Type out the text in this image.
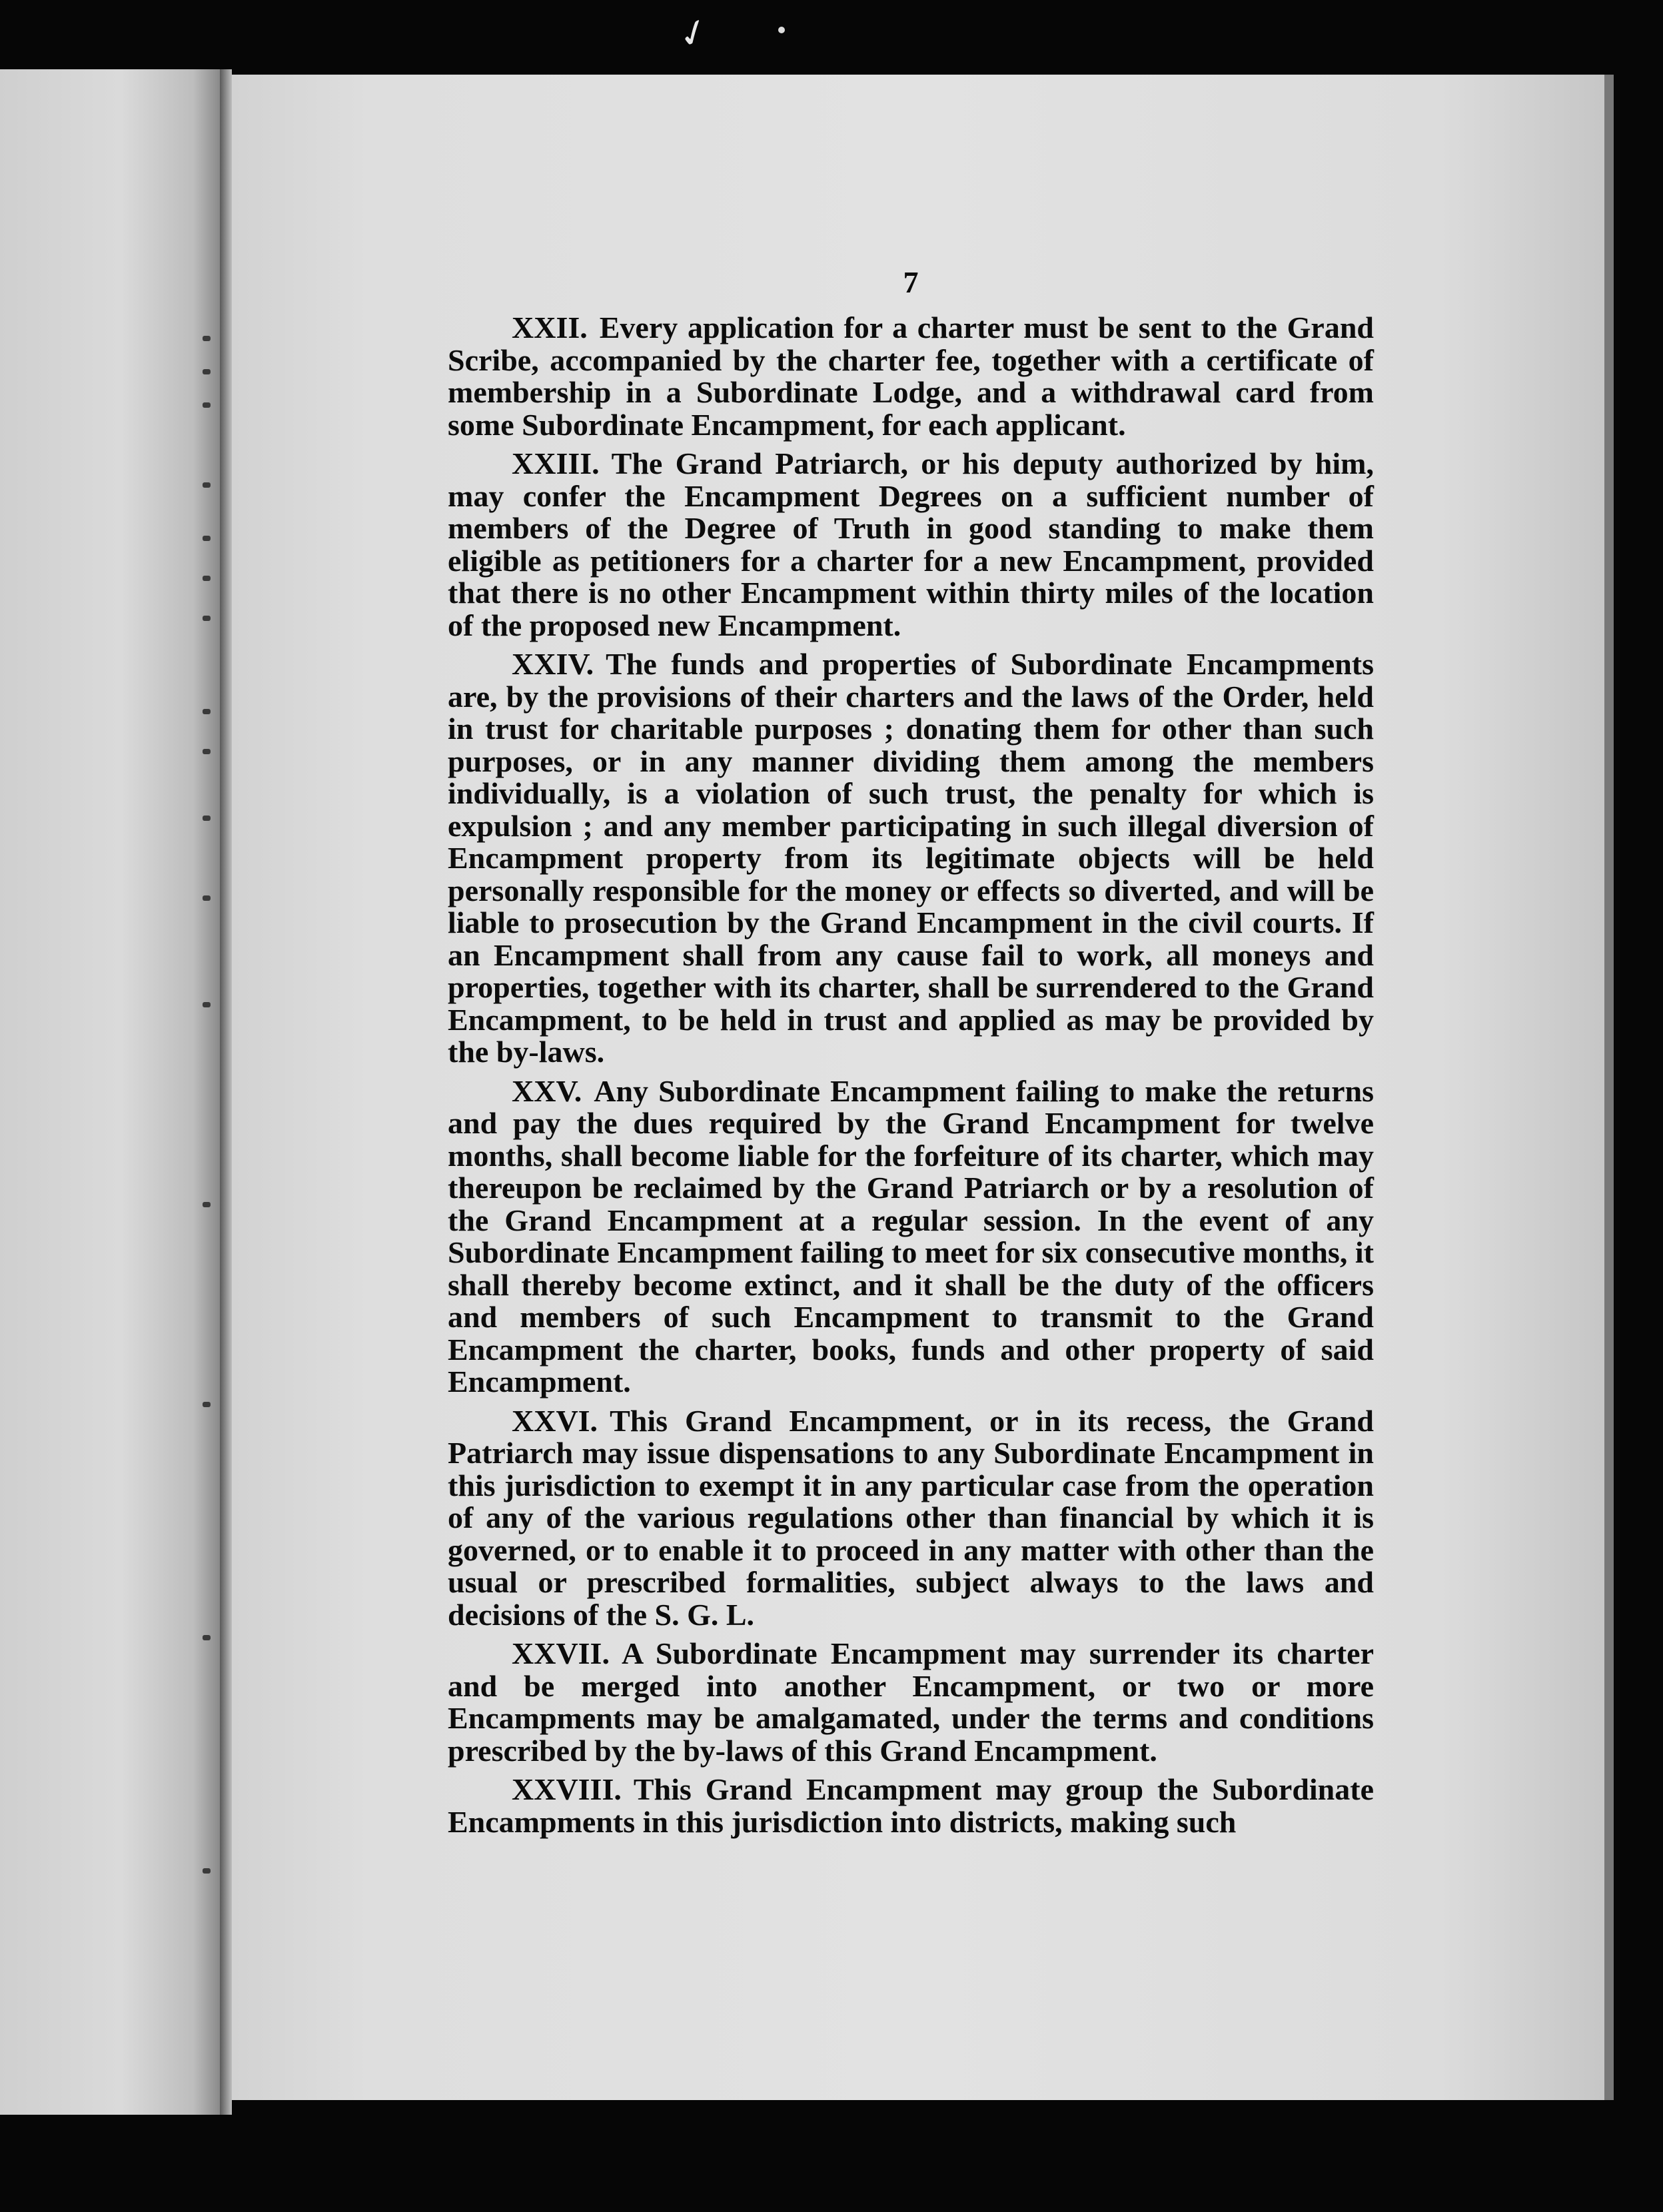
✓
7

XXII. Every application for a charter must be sent to the Grand Scribe, accompanied by the charter fee, together with a certificate of membership in a Subordinate Lodge, and a withdrawal card from some Subordinate Encampment, for each applicant.

XXIII. The Grand Patriarch, or his deputy authorized by him, may confer the Encampment Degrees on a sufficient number of members of the Degree of Truth in good standing to make them eligible as petitioners for a charter for a new Encampment, provided that there is no other Encampment within thirty miles of the location of the proposed new Encampment.

XXIV. The funds and properties of Subordinate Encampments are, by the provisions of their charters and the laws of the Order, held in trust for charitable purposes ; donating them for other than such purposes, or in any manner dividing them among the members individually, is a violation of such trust, the penalty for which is expulsion ; and any member participating in such illegal diversion of Encampment property from its legitimate objects will be held personally responsible for the money or effects so diverted, and will be liable to prosecution by the Grand Encampment in the civil courts. If an Encampment shall from any cause fail to work, all moneys and properties, together with its charter, shall be surrendered to the Grand Encampment, to be held in trust and applied as may be provided by the by-laws.

XXV. Any Subordinate Encampment failing to make the returns and pay the dues required by the Grand Encampment for twelve months, shall become liable for the forfeiture of its charter, which may thereupon be reclaimed by the Grand Patriarch or by a resolution of the Grand Encampment at a regular session. In the event of any Subordinate Encampment failing to meet for six consecutive months, it shall thereby become extinct, and it shall be the duty of the officers and members of such Encampment to transmit to the Grand Encampment the charter, books, funds and other property of said Encampment.

XXVI. This Grand Encampment, or in its recess, the Grand Patriarch may issue dispensations to any Subordinate Encampment in this jurisdiction to exempt it in any particular case from the operation of any of the various regulations other than financial by which it is governed, or to enable it to proceed in any matter with other than the usual or prescribed formalities, subject always to the laws and decisions of the S. G. L.

XXVII. A Subordinate Encampment may surrender its charter and be merged into another Encampment, or two or more Encampments may be amalgamated, under the terms and conditions prescribed by the by-laws of this Grand Encampment.

XXVIII. This Grand Encampment may group the Subordinate Encampments in this jurisdiction into districts, making such
